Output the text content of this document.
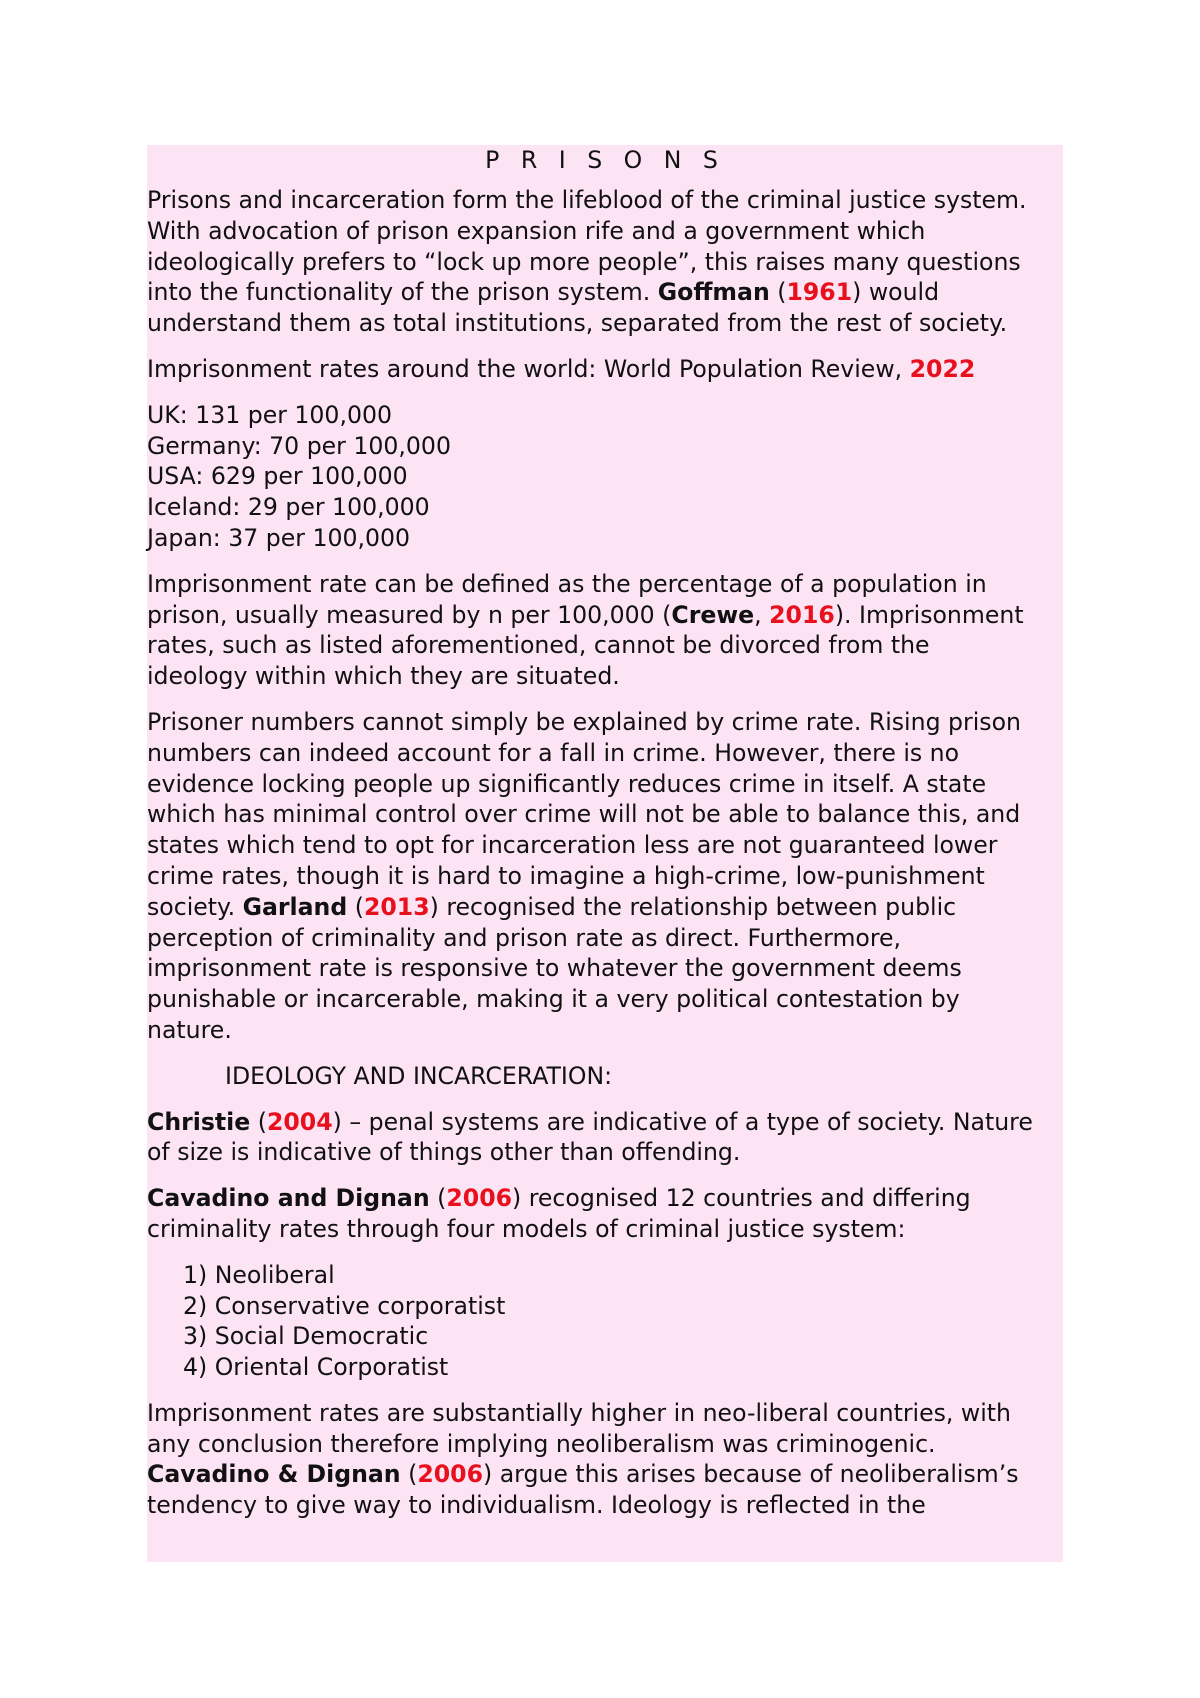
P R I S O N S

Prisons and incarceration form the lifeblood of the criminal justice system.
With advocation of prison expansion rife and a government which
ideologically prefers to “lock up more people”, this raises many questions
into the functionality of the prison system. Goffman (1961) would
understand them as total institutions, separated from the rest of society.

Imprisonment rates around the world: World Population Review, 2022

UK: 131 per 100,000
Germany: 70 per 100,000
USA: 629 per 100,000
Iceland: 29 per 100,000
Japan: 37 per 100,000

Imprisonment rate can be defined as the percentage of a population in
prison, usually measured by n per 100,000 (Crewe, 2016). Imprisonment
rates, such as listed aforementioned, cannot be divorced from the
ideology within which they are situated.

Prisoner numbers cannot simply be explained by crime rate. Rising prison
numbers can indeed account for a fall in crime. However, there is no
evidence locking people up significantly reduces crime in itself. A state
which has minimal control over crime will not be able to balance this, and
states which tend to opt for incarceration less are not guaranteed lower
crime rates, though it is hard to imagine a high-crime, low-punishment
society. Garland (2013) recognised the relationship between public
perception of criminality and prison rate as direct. Furthermore,
imprisonment rate is responsive to whatever the government deems
punishable or incarcerable, making it a very political contestation by
nature.

IDEOLOGY AND INCARCERATION:

Christie (2004) – penal systems are indicative of a type of society. Nature
of size is indicative of things other than offending.

Cavadino and Dignan (2006) recognised 12 countries and differing
criminality rates through four models of criminal justice system:

1) Neoliberal
2) Conservative corporatist
3) Social Democratic
4) Oriental Corporatist

Imprisonment rates are substantially higher in neo-liberal countries, with
any conclusion therefore implying neoliberalism was criminogenic.
Cavadino & Dignan (2006) argue this arises because of neoliberalism’s
tendency to give way to individualism. Ideology is reflected in the
